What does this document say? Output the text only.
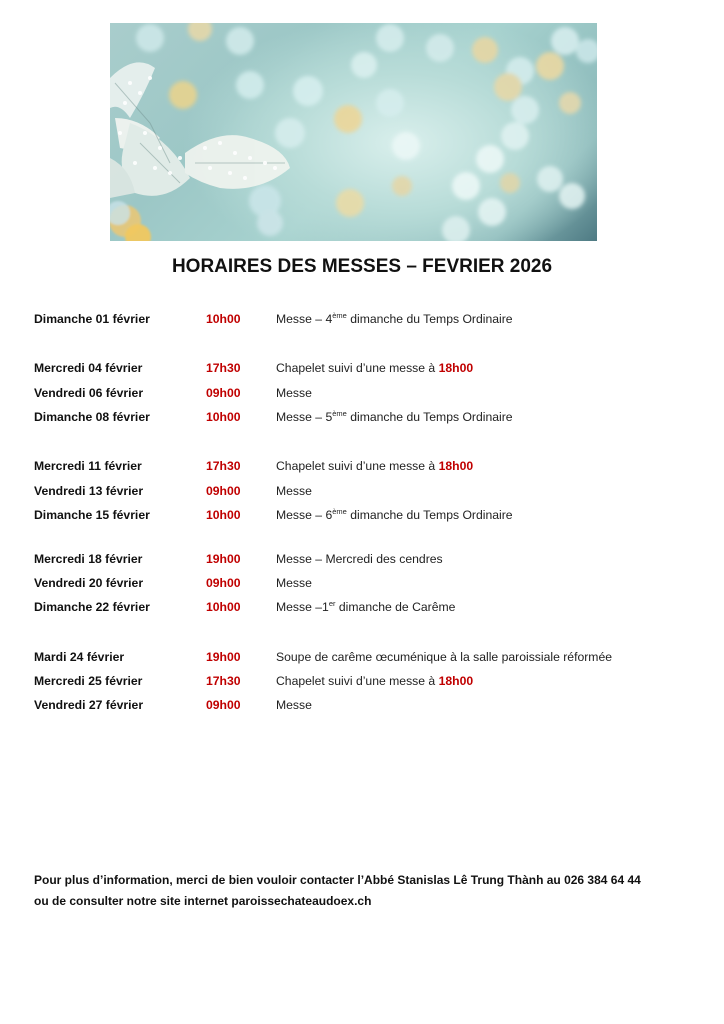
HORAIRES DES MESSES – FEVRIER 2026
Dimanche 01 février	10h00	Messe – 4ème dimanche du Temps Ordinaire
Mercredi 04 février	17h30	Chapelet suivi d’une messe à 18h00
Vendredi 06 février	09h00	Messe
Dimanche 08 février	10h00	Messe – 5ème dimanche du Temps Ordinaire
Mercredi 11 février	17h30	Chapelet suivi d’une messe à 18h00
Vendredi 13 février	09h00	Messe
Dimanche 15 février	10h00	Messe – 6ème dimanche du Temps Ordinaire
Mercredi 18 février	19h00	Messe – Mercredi des cendres
Vendredi 20 février	09h00	Messe
Dimanche 22 février	10h00	Messe –1er dimanche de Carême
Mardi 24 février	19h00	Soupe de carême œcuménique à la salle paroissiale réformée
Mercredi 25 février	17h30	Chapelet suivi d’une messe à 18h00
Vendredi 27 février	09h00	Messe
Pour plus d’information, merci de bien vouloir contacter l’Abbé Stanislas Lê Trung Thành au 026 384 64 44
ou de consulter notre site internet paroissechateaudoex.ch
